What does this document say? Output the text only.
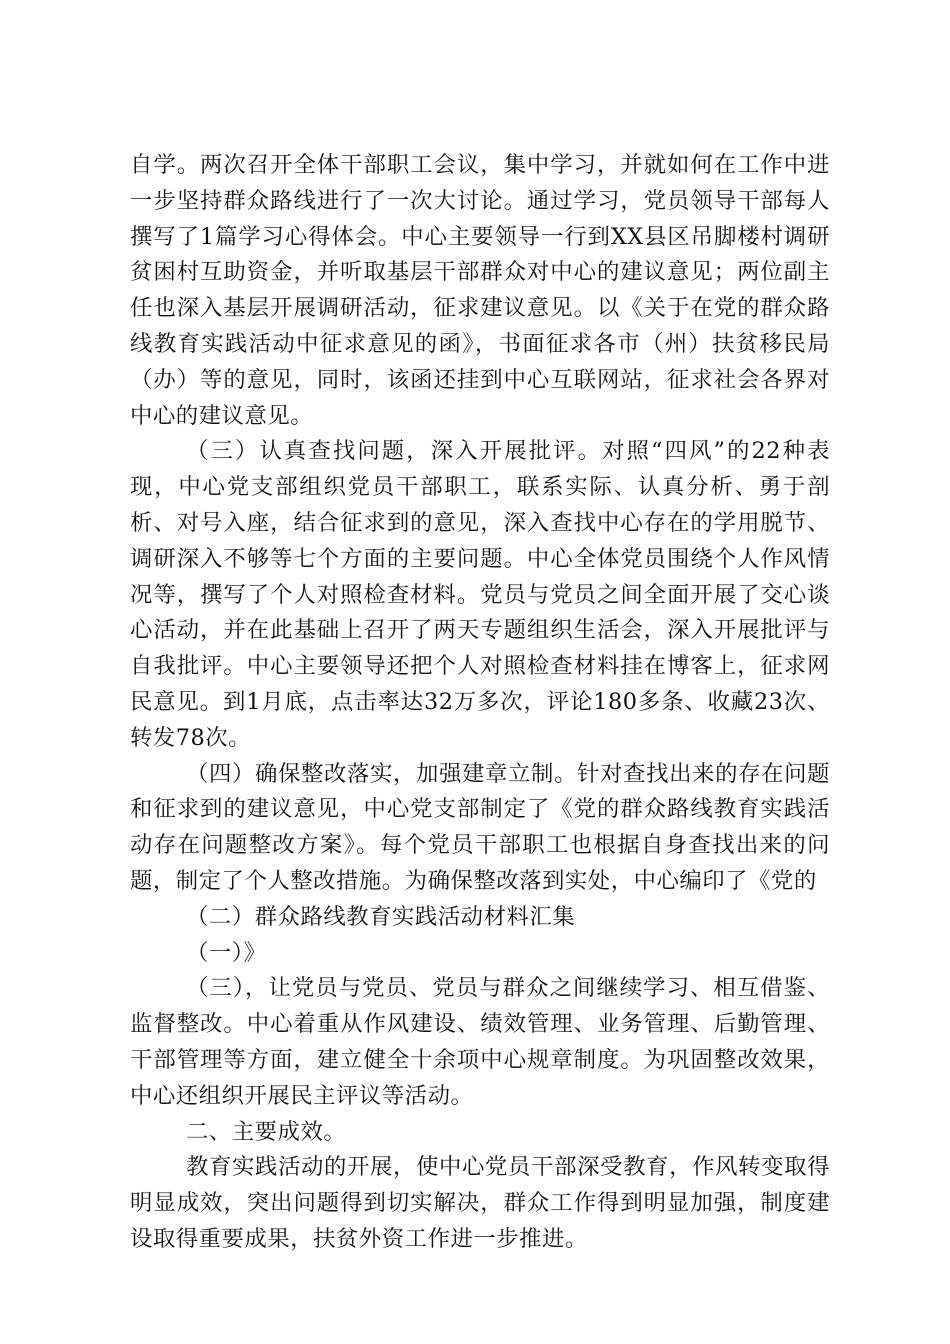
自学。两次召开全体干部职工会议，集中学习，并就如何在工作中进一步坚持群众路线进行了一次大讨论。通过学习，党员领导干部每人撰写了1篇学习心得体会。中心主要领导一行到XX县区吊脚楼村调研贫困村互助资金，并听取基层干部群众对中心的建议意见；两位副主任也深入基层开展调研活动，征求建议意见。以《关于在党的群众路线教育实践活动中征求意见的函》，书面征求各市（州）扶贫移民局（办）等的意见，同时，该函还挂到中心互联网站，征求社会各界对中心的建议意见。

（三）认真查找问题，深入开展批评。对照“四风”的22种表现，中心党支部组织党员干部职工，联系实际、认真分析、勇于剖析、对号入座，结合征求到的意见，深入查找中心存在的学用脱节、调研深入不够等七个方面的主要问题。中心全体党员围绕个人作风情况等，撰写了个人对照检查材料。党员与党员之间全面开展了交心谈心活动，并在此基础上召开了两天专题组织生活会，深入开展批评与自我批评。中心主要领导还把个人对照检查材料挂在博客上，征求网民意见。到1月底，点击率达32万多次，评论180多条、收藏23次、转发78次。

（四）确保整改落实，加强建章立制。针对查找出来的存在问题和征求到的建议意见，中心党支部制定了《党的群众路线教育实践活动存在问题整改方案》。每个党员干部职工也根据自身查找出来的问题，制定了个人整改措施。为确保整改落到实处，中心编印了《党的

（二）群众路线教育实践活动材料汇集

（一）》

（三），让党员与党员、党员与群众之间继续学习、相互借鉴、监督整改。中心着重从作风建设、绩效管理、业务管理、后勤管理、干部管理等方面，建立健全十余项中心规章制度。为巩固整改效果，中心还组织开展民主评议等活动。

二、主要成效。

教育实践活动的开展，使中心党员干部深受教育，作风转变取得明显成效，突出问题得到切实解决，群众工作得到明显加强，制度建设取得重要成果，扶贫外资工作进一步推进。
